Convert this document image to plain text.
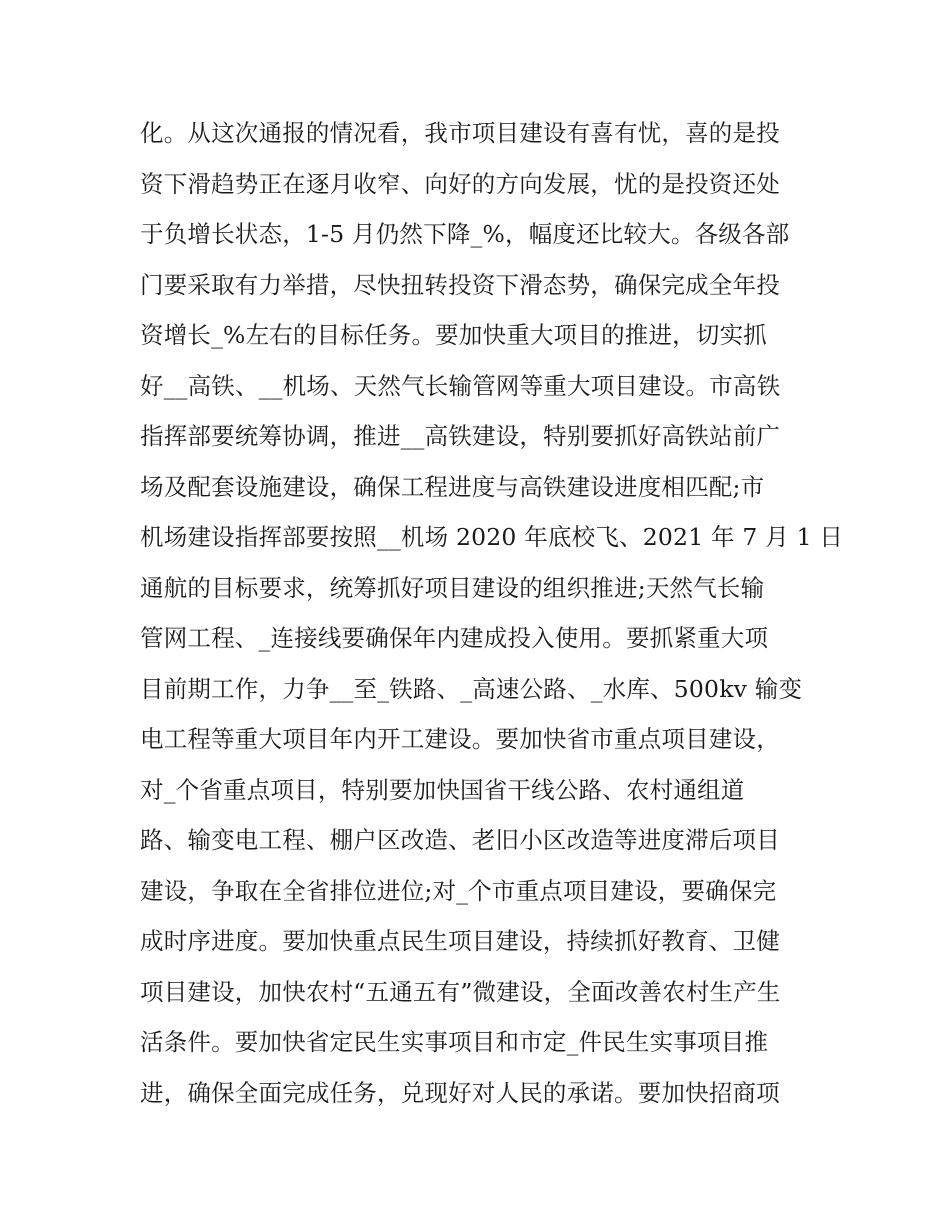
化。从这次通报的情况看，我市项目建设有喜有忧，喜的是投
资下滑趋势正在逐月收窄、向好的方向发展，忧的是投资还处
于负增长状态，1-5 月仍然下降_%，幅度还比较大。各级各部
门要采取有力举措，尽快扭转投资下滑态势，确保完成全年投
资增长_%左右的目标任务。要加快重大项目的推进，切实抓
好__高铁、__机场、天然气长输管网等重大项目建设。市高铁
指挥部要统筹协调，推进__高铁建设，特别要抓好高铁站前广
场及配套设施建设，确保工程进度与高铁建设进度相匹配;市
机场建设指挥部要按照__机场 2020 年底校飞、2021 年 7 月 1 日
通航的目标要求，统筹抓好项目建设的组织推进;天然气长输
管网工程、_连接线要确保年内建成投入使用。要抓紧重大项
目前期工作，力争__至_铁路、_高速公路、_水库、500kv 输变
电工程等重大项目年内开工建设。要加快省市重点项目建设，
对_个省重点项目，特别要加快国省干线公路、农村通组道
路、输变电工程、棚户区改造、老旧小区改造等进度滞后项目
建设，争取在全省排位进位;对_个市重点项目建设，要确保完
成时序进度。要加快重点民生项目建设，持续抓好教育、卫健
项目建设，加快农村“五通五有”微建设，全面改善农村生产生
活条件。要加快省定民生实事项目和市定_件民生实事项目推
进，确保全面完成任务，兑现好对人民的承诺。要加快招商项
